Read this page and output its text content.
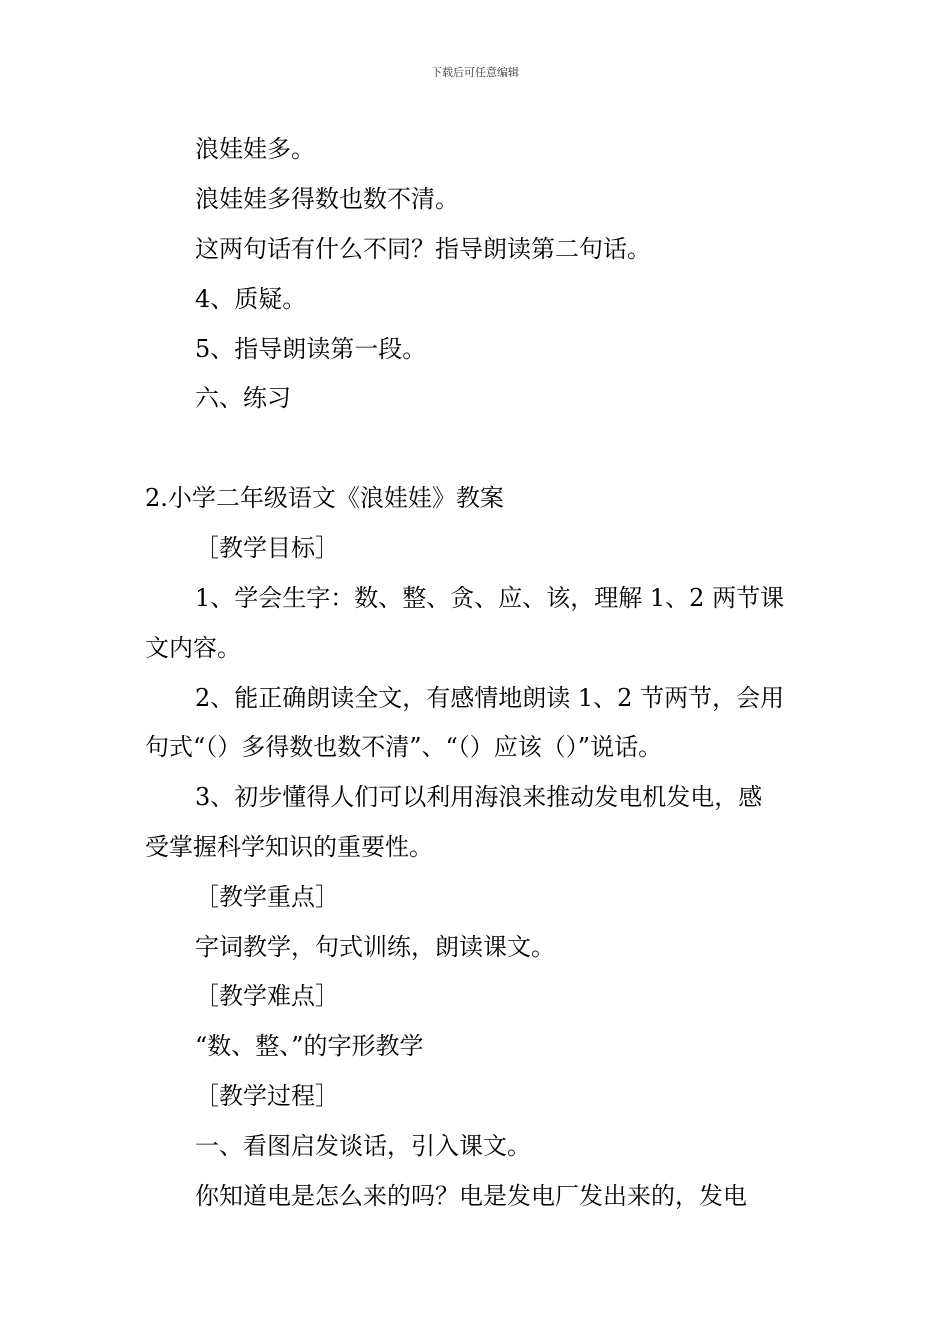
下载后可任意编辑
浪娃娃多。
浪娃娃多得数也数不清。
这两句话有什么不同？指导朗读第二句话。
4、质疑。
5、指导朗读第一段。
六、练习
2.小学二年级语文《浪娃娃》教案
［教学目标］
1、学会生字：数、整、贪、应、该，理解 1、2 两节课
文内容。
2、能正确朗读全文，有感情地朗读 1、2 节两节，会用
句式“（）多得数也数不清”、“（）应该（）”说话。
3、初步懂得人们可以利用海浪来推动发电机发电，感
受掌握科学知识的重要性。
［教学重点］
字词教学，句式训练，朗读课文。
［教学难点］
“数、整、”的字形教学
［教学过程］
一、看图启发谈话，引入课文。
你知道电是怎么来的吗？电是发电厂发出来的，发电
